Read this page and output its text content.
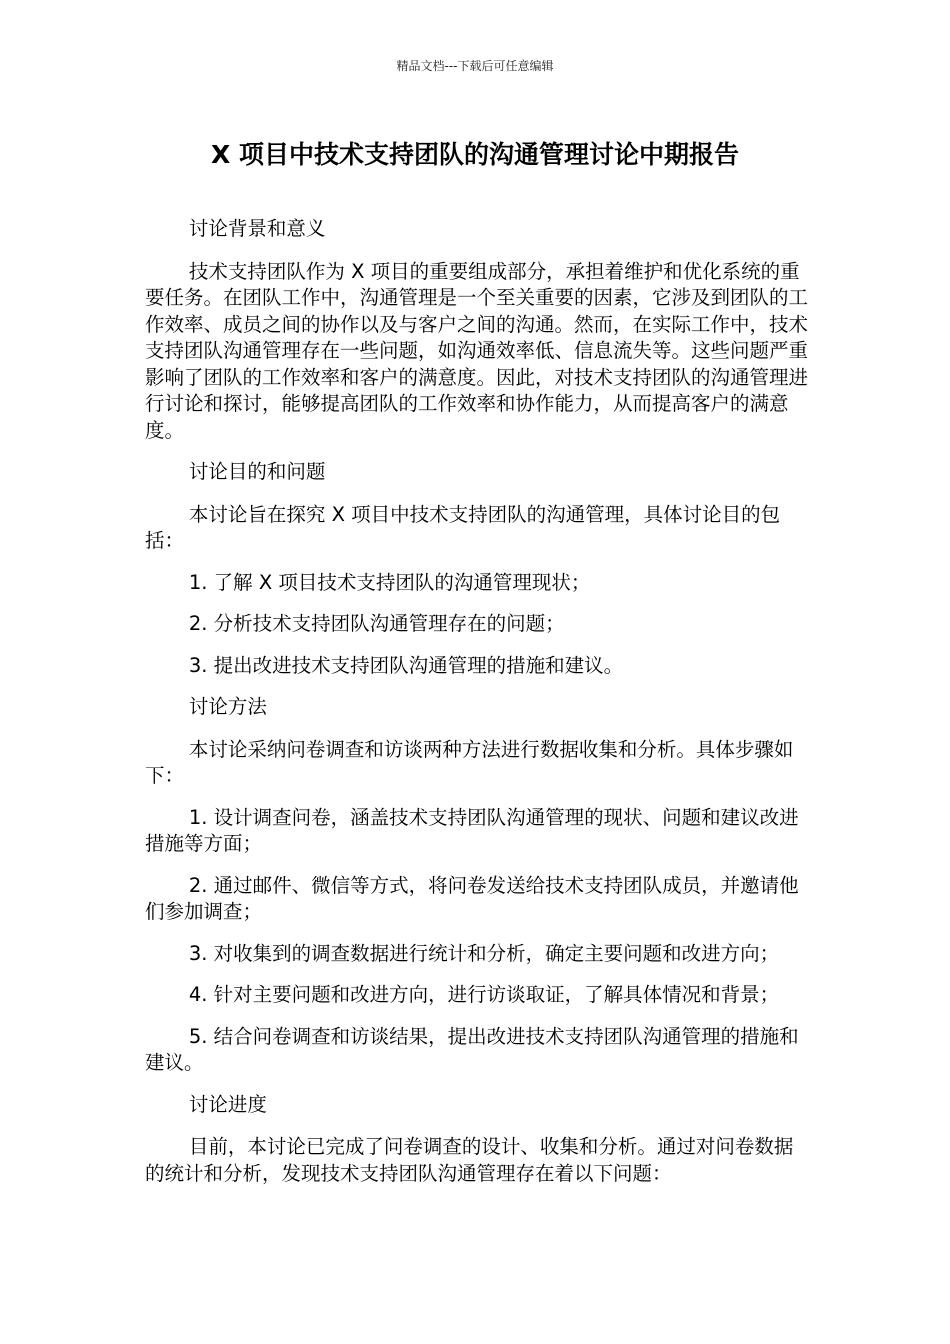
精品文档---下载后可任意编辑
X 项目中技术支持团队的沟通管理讨论中期报告

讨论背景和意义

技术支持团队作为 X 项目的重要组成部分，承担着维护和优化系统的重要任务。在团队工作中，沟通管理是一个至关重要的因素，它涉及到团队的工作效率、成员之间的协作以及与客户之间的沟通。然而，在实际工作中，技术支持团队沟通管理存在一些问题，如沟通效率低、信息流失等。这些问题严重影响了团队的工作效率和客户的满意度。因此，对技术支持团队的沟通管理进行讨论和探讨，能够提高团队的工作效率和协作能力，从而提高客户的满意度。

讨论目的和问题

本讨论旨在探究 X 项目中技术支持团队的沟通管理，具体讨论目的包括：

1. 了解 X 项目技术支持团队的沟通管理现状；

2. 分析技术支持团队沟通管理存在的问题；

3. 提出改进技术支持团队沟通管理的措施和建议。

讨论方法

本讨论采纳问卷调查和访谈两种方法进行数据收集和分析。具体步骤如下：

1. 设计调查问卷，涵盖技术支持团队沟通管理的现状、问题和建议改进措施等方面；

2. 通过邮件、微信等方式，将问卷发送给技术支持团队成员，并邀请他们参加调查；

3. 对收集到的调查数据进行统计和分析，确定主要问题和改进方向；

4. 针对主要问题和改进方向，进行访谈取证，了解具体情况和背景；

5. 结合问卷调查和访谈结果，提出改进技术支持团队沟通管理的措施和建议。

讨论进度

目前，本讨论已完成了问卷调查的设计、收集和分析。通过对问卷数据的统计和分析，发现技术支持团队沟通管理存在着以下问题：
